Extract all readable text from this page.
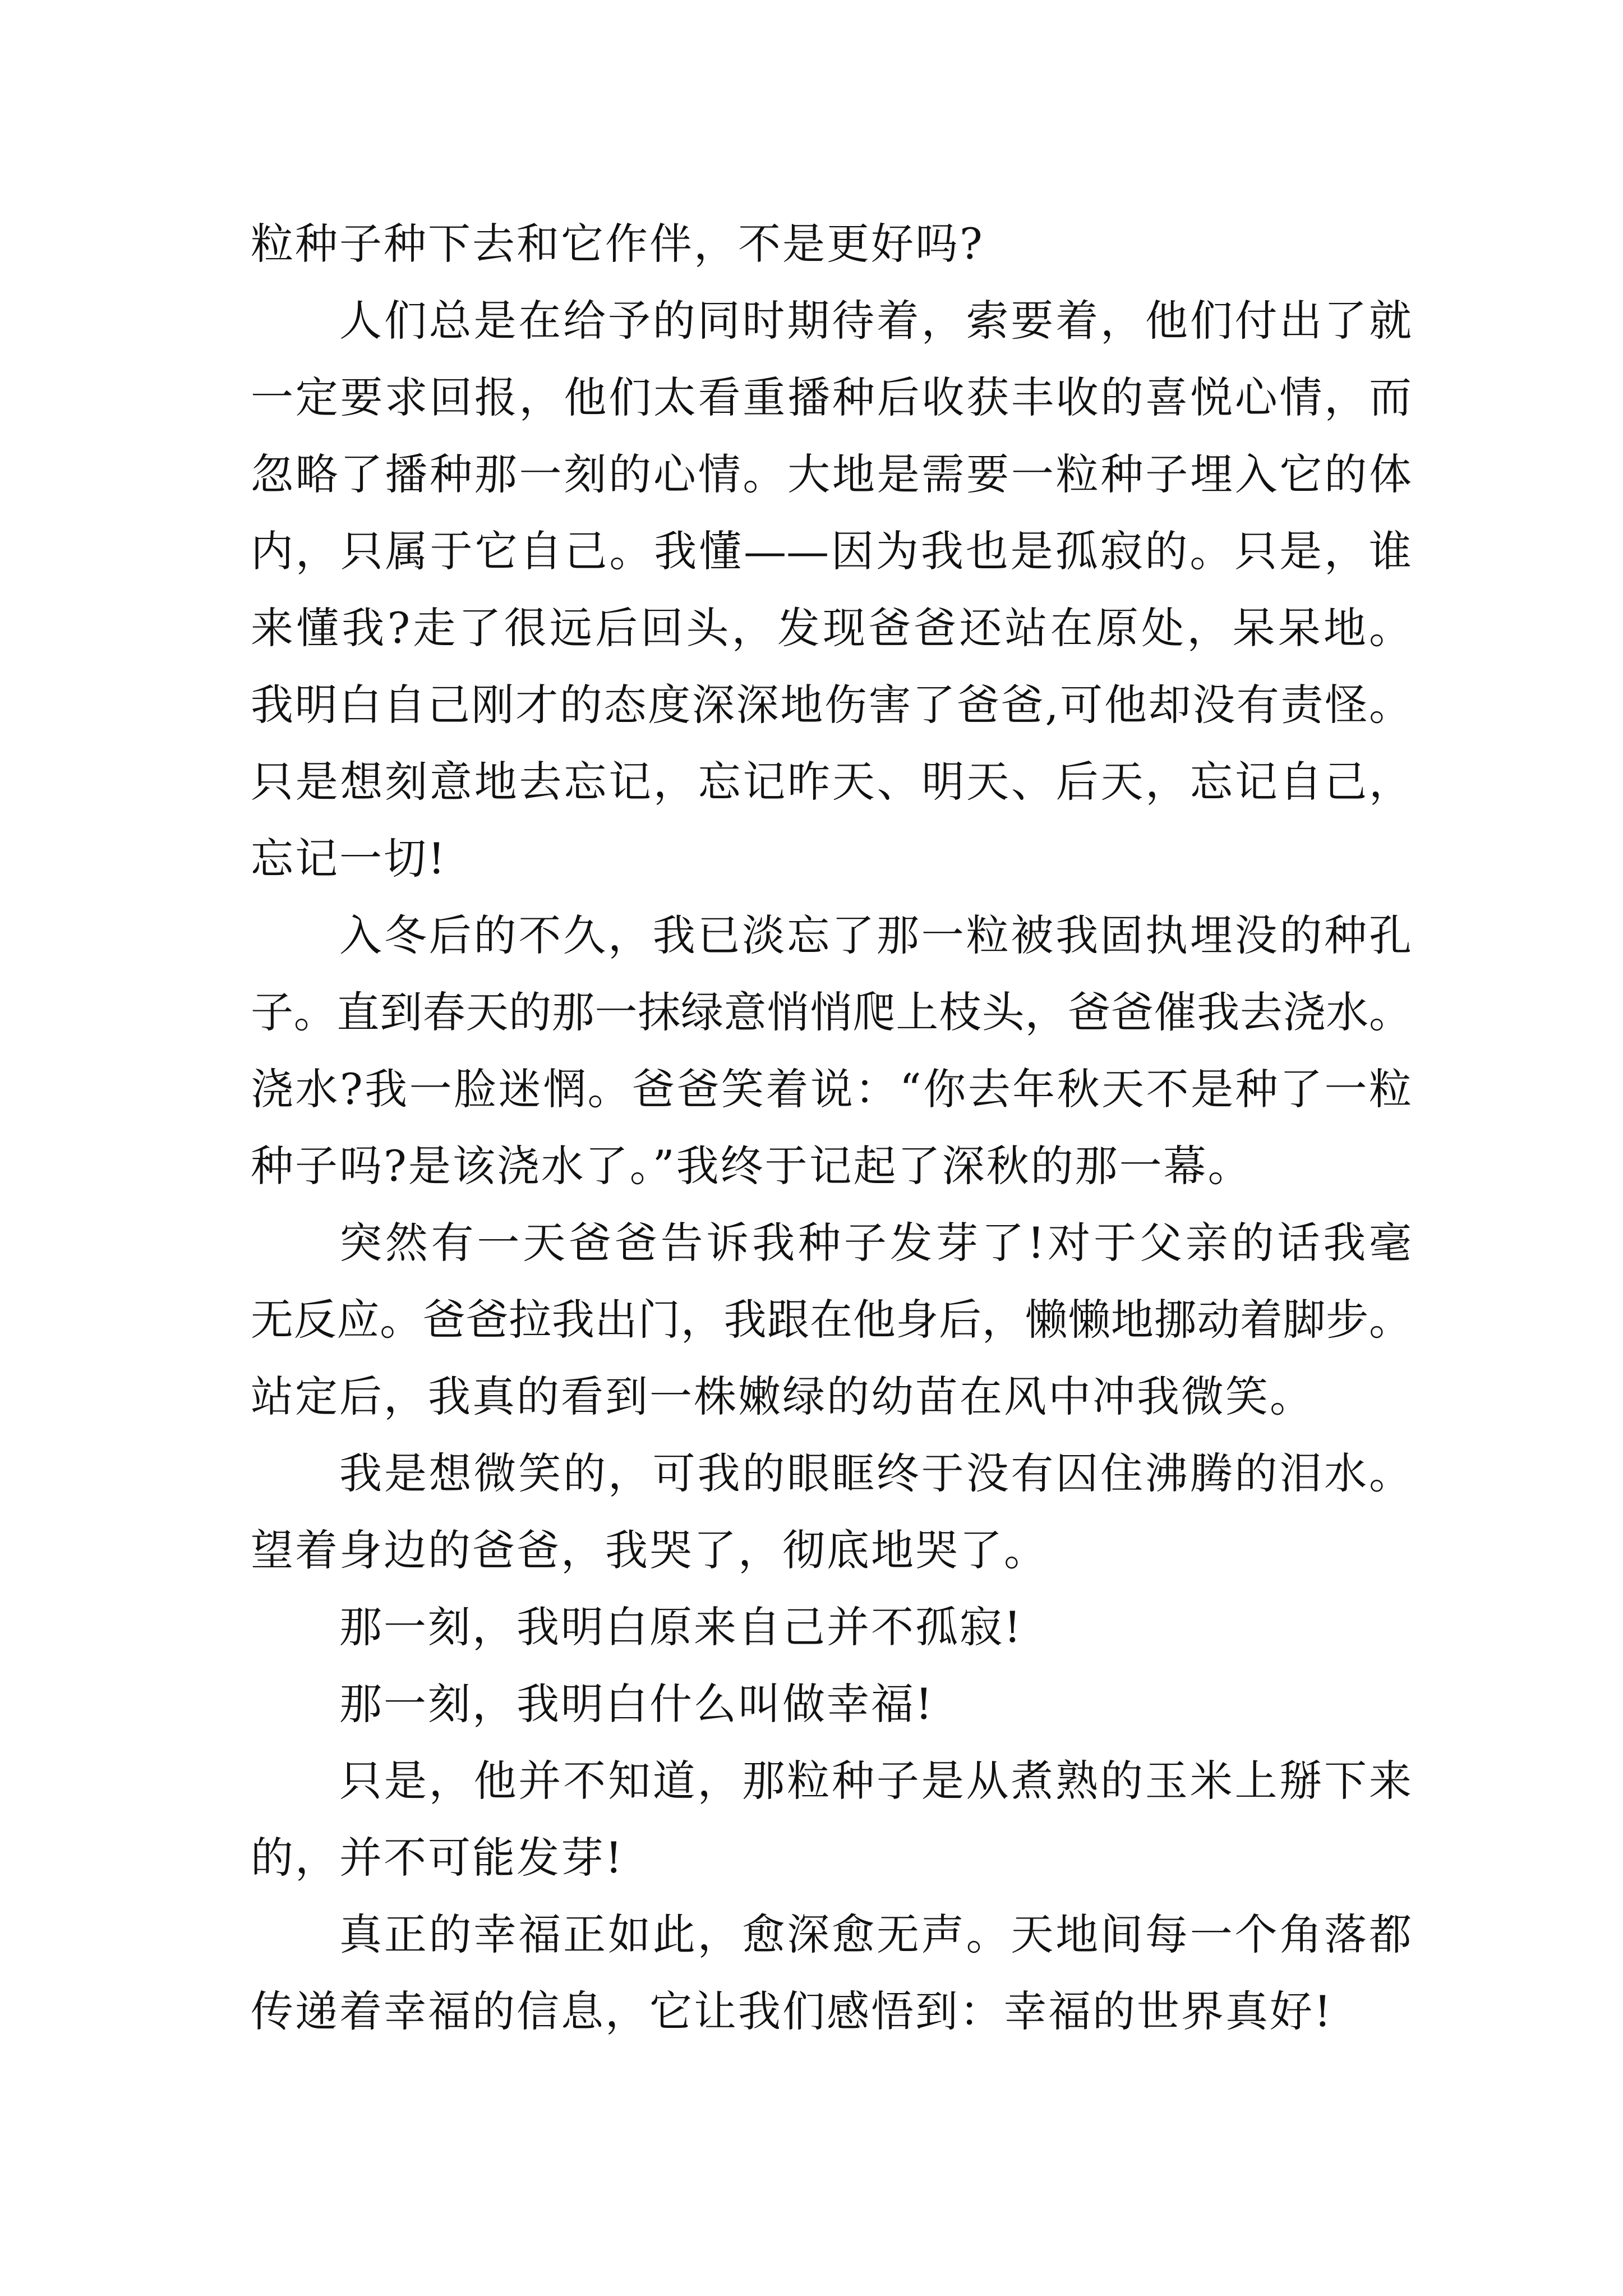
粒种子种下去和它作伴，不是更好吗?
人们总是在给予的同时期待着，索要着，他们付出了就
一定要求回报，他们太看重播种后收获丰收的喜悦心情，而
忽略了播种那一刻的心情。大地是需要一粒种子埋入它的体
内，只属于它自己。我懂——因为我也是孤寂的。只是，谁
来懂我?走了很远后回头，发现爸爸还站在原处，呆呆地。
我明白自己刚才的态度深深地伤害了爸爸,可他却没有责怪。
只是想刻意地去忘记，忘记昨天、明天、后天，忘记自己，
忘记一切!
入冬后的不久，我已淡忘了那一粒被我固执埋没的种孔
子。直到春天的那一抹绿意悄悄爬上枝头，爸爸催我去浇水。
浇水?我一脸迷惘。爸爸笑着说：“你去年秋天不是种了一粒
种子吗?是该浇水了。”我终于记起了深秋的那一幕。
突然有一天爸爸告诉我种子发芽了!对于父亲的话我毫
无反应。爸爸拉我出门，我跟在他身后，懒懒地挪动着脚步。
站定后，我真的看到一株嫩绿的幼苗在风中冲我微笑。
我是想微笑的，可我的眼眶终于没有囚住沸腾的泪水。
望着身边的爸爸，我哭了，彻底地哭了。
那一刻，我明白原来自己并不孤寂!
那一刻，我明白什么叫做幸福!
只是，他并不知道，那粒种子是从煮熟的玉米上掰下来
的，并不可能发芽!
真正的幸福正如此，愈深愈无声。天地间每一个角落都
传递着幸福的信息，它让我们感悟到：幸福的世界真好!
